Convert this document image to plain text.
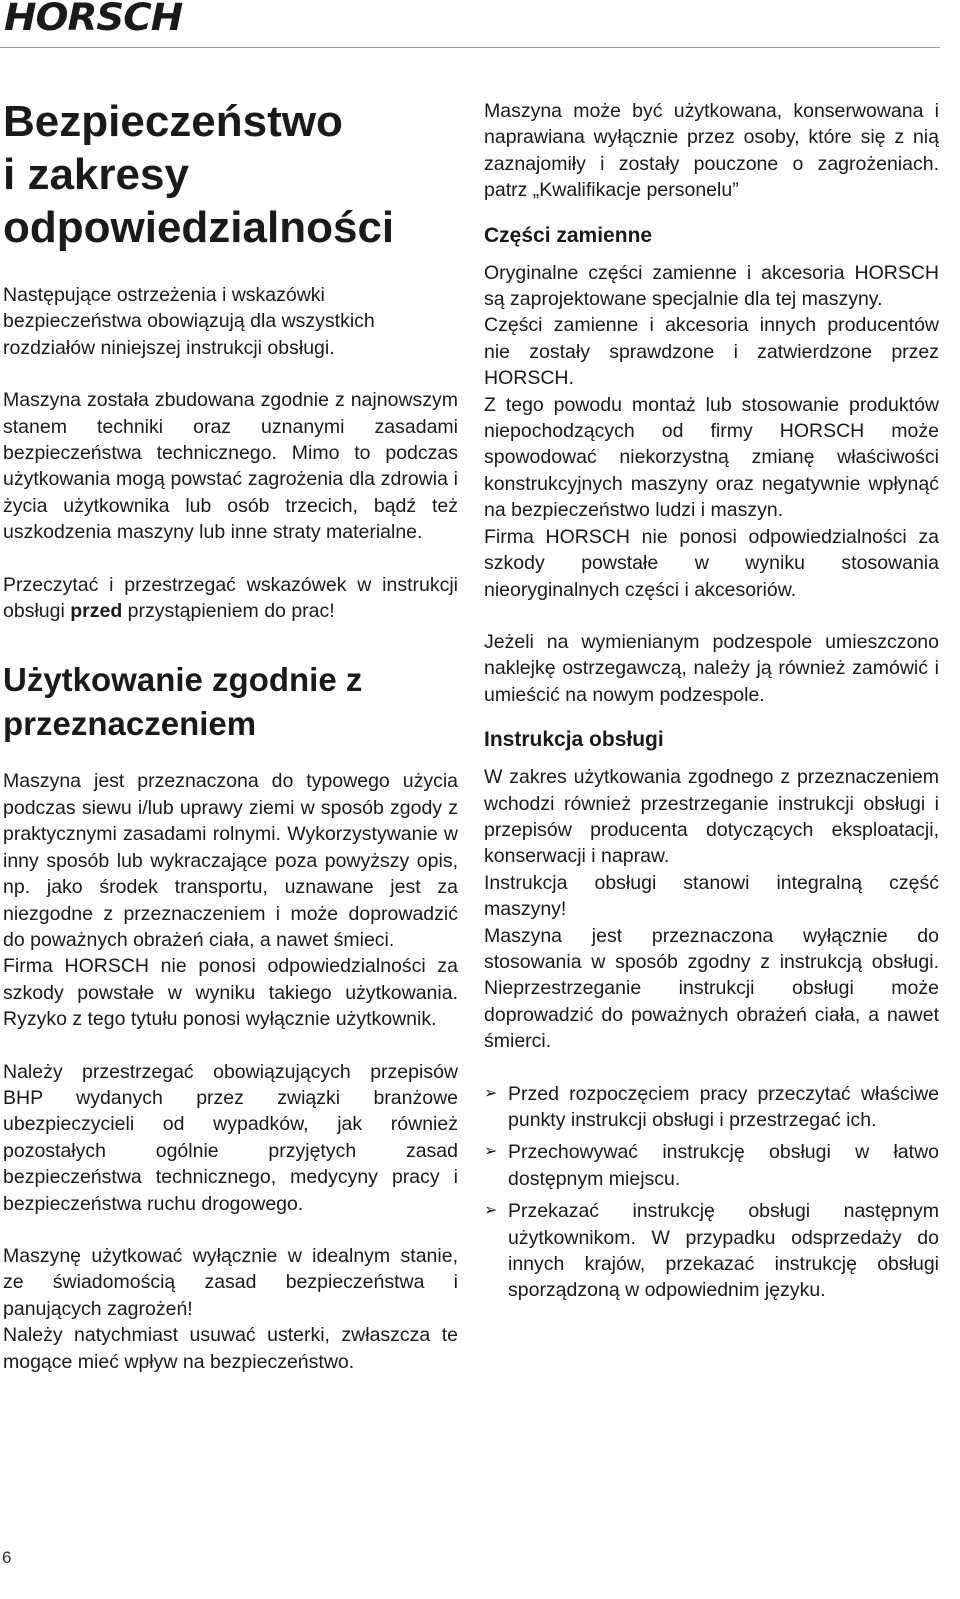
HORSCH
Bezpieczeństwo
i zakresy
odpowiedzialności

Następujące ostrzeżenia i wskazówki
bezpieczeństwa obowiązują dla wszystkich
rozdziałów niniejszej instrukcji obsługi.

Maszyna została zbudowana zgodnie z najnowszym stanem techniki oraz uznanymi zasadami bezpieczeństwa technicznego. Mimo to podczas użytkowania mogą powstać zagrożenia dla zdrowia i życia użytkownika lub osób trzecich, bądź też uszkodzenia maszyny lub inne straty materialne.

Przeczytać i przestrzegać wskazówek w instrukcji obsługi przed przystąpieniem do prac!

Użytkowanie zgodnie z
przeznaczeniem

Maszyna jest przeznaczona do typowego użycia podczas siewu i/lub uprawy ziemi w sposób zgody z praktycznymi zasadami rolnymi. Wykorzystywanie w inny sposób lub wykraczające poza powyższy opis, np. jako środek transportu, uznawane jest za niezgodne z przeznaczeniem i może doprowadzić do poważnych obrażeń ciała, a nawet śmieci.
Firma HORSCH nie ponosi odpowiedzialności za szkody powstałe w wyniku takiego użytkowania. Ryzyko z tego tytułu ponosi wyłącznie użytkownik.

Należy przestrzegać obowiązujących przepisów BHP wydanych przez związki branżowe ubezpieczycieli od wypadków, jak również pozostałych ogólnie przyjętych zasad bezpieczeństwa technicznego, medycyny pracy i bezpieczeństwa ruchu drogowego.

Maszynę użytkować wyłącznie w idealnym stanie, ze świadomością zasad bezpieczeństwa i panujących zagrożeń!
Należy natychmiast usuwać usterki, zwłaszcza te mogące mieć wpływ na bezpieczeństwo.

Maszyna może być użytkowana, konserwowana i naprawiana wyłącznie przez osoby, które się z nią zaznajomiły i zostały pouczone o zagrożeniach. patrz „Kwalifikacje personelu”

Części zamienne

Oryginalne części zamienne i akcesoria HORSCH są zaprojektowane specjalnie dla tej maszyny.
Części zamienne i akcesoria innych producentów nie zostały sprawdzone i zatwierdzone przez HORSCH.
Z tego powodu montaż lub stosowanie produktów niepochodzących od firmy HORSCH może spowodować niekorzystną zmianę właściwości konstrukcyjnych maszyny oraz negatywnie wpłynąć na bezpieczeństwo ludzi i maszyn.
Firma HORSCH nie ponosi odpowiedzialności za szkody powstałe w wyniku stosowania nieoryginalnych części i akcesoriów.

Jeżeli na wymienianym podzespole umieszczono naklejkę ostrzegawczą, należy ją również zamówić i umieścić na nowym podzespole.

Instrukcja obsługi

W zakres użytkowania zgodnego z przeznaczeniem wchodzi również przestrzeganie instrukcji obsługi i przepisów producenta dotyczących eksploatacji, konserwacji i napraw.
Instrukcja obsługi stanowi integralną część maszyny!
Maszyna jest przeznaczona wyłącznie do stosowania w sposób zgodny z instrukcją obsługi. Nieprzestrzeganie instrukcji obsługi może doprowadzić do poważnych obrażeń ciała, a nawet śmierci.

➢ Przed rozpoczęciem pracy przeczytać właściwe punkty instrukcji obsługi i przestrzegać ich.
➢ Przechowywać instrukcję obsługi w łatwo dostępnym miejscu.
➢ Przekazać instrukcję obsługi następnym użytkownikom. W przypadku odsprzedaży do innych krajów, przekazać instrukcję obsługi sporządzoną w odpowiednim języku.
6
